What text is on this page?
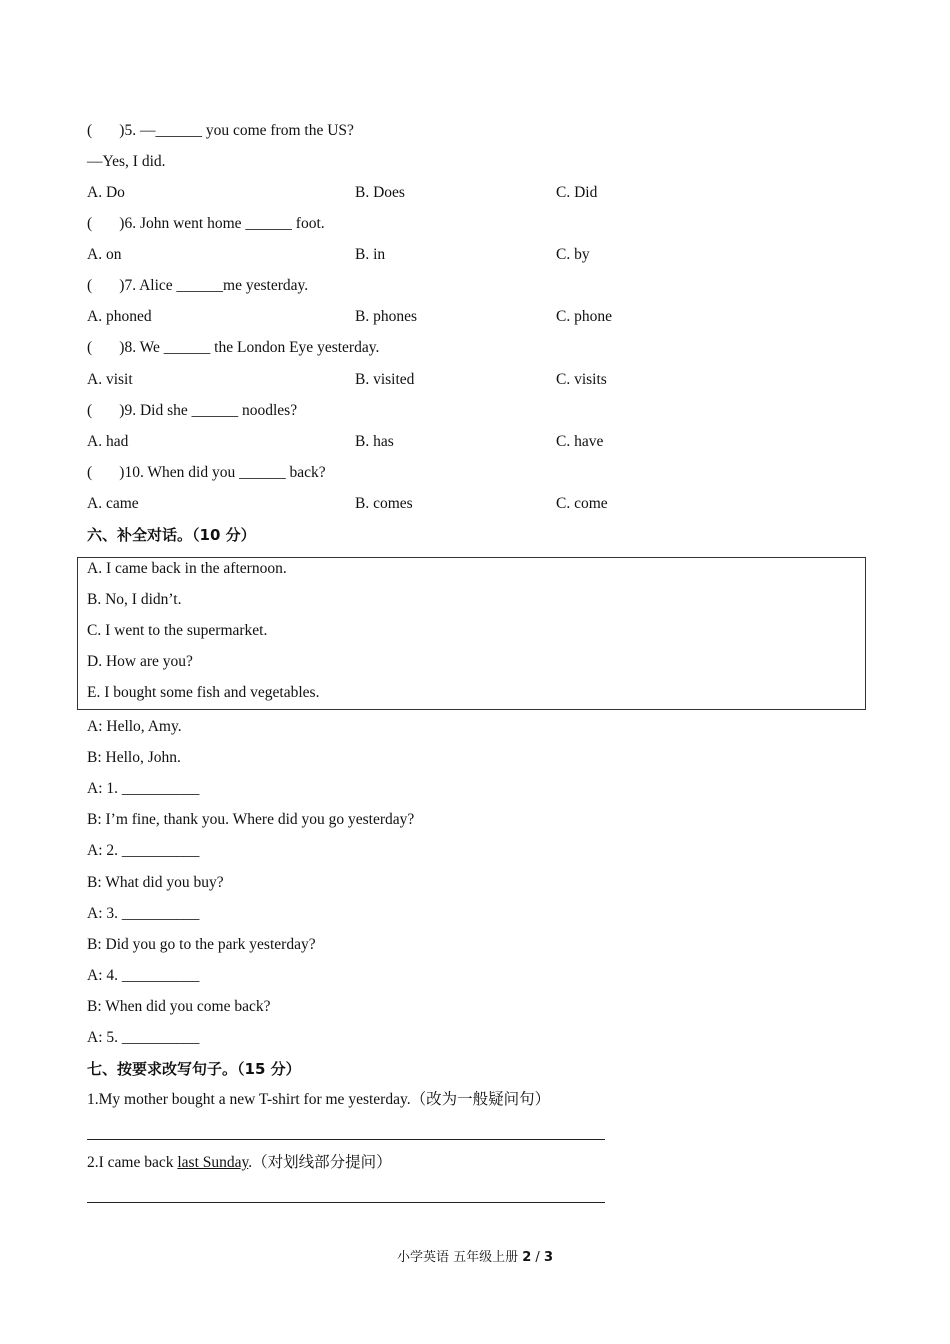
(       )5. —______ you come from the US?
—Yes, I did.
A. Do	B. Does	C. Did
(       )6. John went home ______ foot.
A. on	B. in	C. by
(       )7. Alice ______me yesterday.
A. phoned	B. phones	C. phone
(       )8. We ______ the London Eye yesterday.
A. visit	B. visited	C. visits
(       )9. Did she ______ noodles?
A. had	B. has	C. have
(       )10. When did you ______ back?
A. came	B. comes	C. come
六、补全对话。（10 分）
A. I came back in the afternoon.
B. No, I didn’t.
C. I went to the supermarket.
D. How are you?
E. I bought some fish and vegetables.
A: Hello, Amy.
B: Hello, John.
A: 1. __________
B: I’m fine, thank you. Where did you go yesterday?
A: 2. __________
B: What did you buy?
A: 3. __________
B: Did you go to the park yesterday?
A: 4. __________
B: When did you come back?
A: 5. __________
七、按要求改写句子。（15 分）
1.My mother bought a new T-shirt for me yesterday.（改为一般疑问句）
2.I came back last Sunday.（对划线部分提问）
小学英语 五年级上册 2 / 3
